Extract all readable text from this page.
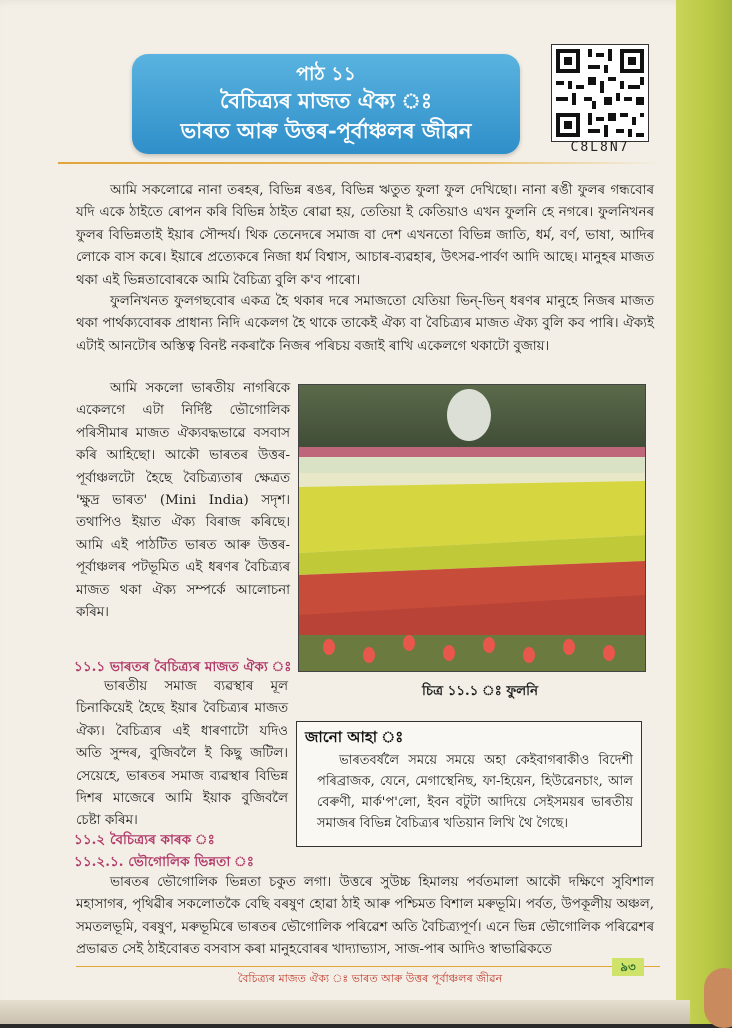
পাঠ ১১
বৈচিত্র্যৰ মাজত ঐক্য ঃ
ভাৰত আৰু উত্তৰ-পূৰ্বাঞ্চলৰ জীৱন
C8L8N7

আমি সকলোৱে নানা তৰহৰ, বিভিন্ন ৰঙৰ, বিভিন্ন ঋতুত ফুলা ফুল দেখিছো। নানা ৰঙী ফুলৰ গন্ধবোৰ যদি একে ঠাইতে ৰোপন কৰি বিভিন্ন ঠাইত ৰোৱা হয়, তেতিয়া ই কেতিয়াও এখন ফুলনি হে নগৰে। ফুলনিখনৰ ফুলৰ বিভিন্নতাই ইয়াৰ সৌন্দৰ্য। থিক তেনেদৰে সমাজ বা দেশ এখনতো বিভিন্ন জাতি, ধৰ্ম, বৰ্ণ, ভাষা, আদিৰ লোকে বাস কৰে। ইয়াৰে প্ৰত্যেকৰে নিজা ধৰ্ম বিশ্বাস, আচাৰ-ব্যৱহাৰ, উৎসৱ-পাৰ্বণ আদি আছে। মানুহৰ মাজত থকা এই ভিন্নতাবোৰকে আমি বৈচিত্ৰ্য বুলি ক'ব পাৰো।

ফুলনিখনত ফুলগছবোৰ একত্ৰ হৈ থকাৰ দৰে সমাজতো যেতিয়া ভিন্-ভিন্ ধৰণৰ মানুহে নিজৰ মাজত থকা পাৰ্থক্যবোৰক প্ৰাধান্য নিদি একেলগ হৈ থাকে তাকেই ঐক্য বা বৈচিত্ৰ্যৰ মাজত ঐক্য বুলি কব পাৰি। ঐক্যই এটাই আনটোৰ অস্তিত্ব বিনষ্ট নকৰাকৈ নিজৰ পৰিচয় বজাই ৰাখি একেলগে থকাটো বুজায়।

আমি সকলো ভাৰতীয় নাগৰিকে একেলগে এটা নিৰ্দিষ্ট ভৌগোলিক পৰিসীমাৰ মাজত ঐক্যবদ্ধভাৱে বসবাস কৰি আহিছো। আকৌ ভাৰতৰ উত্তৰ-পূৰ্বাঞ্চলটো হৈছে বৈচিত্ৰ্যতাৰ ক্ষেত্ৰত 'ক্ষুদ্ৰ ভাৰত' (Mini India) সদৃশ। তথাপিও ইয়াত ঐক্য বিৰাজ কৰিছে। আমি এই পাঠটিত ভাৰত আৰু উত্তৰ-পূৰ্বাঞ্চলৰ পটভূমিত এই ধৰণৰ বৈচিত্ৰ্যৰ মাজত থকা ঐক্য সম্পৰ্কে আলোচনা কৰিম।

চিত্ৰ ১১.১ ঃ ফুলনি
১১.১ ভাৰতৰ বৈচিত্ৰ্যৰ মাজত ঐক্য ঃ

ভাৰতীয় সমাজ ব্যৱস্থাৰ মূল চিনাকিয়েই হৈছে ইয়াৰ বৈচিত্ৰ্যৰ মাজত ঐক্য। বৈচিত্ৰ্যৰ এই ধাৰণাটো যদিও অতি সুন্দৰ, বুজিবলৈ ই কিছু জটিল। সেয়েহে, ভাৰতৰ সমাজ ব্যৱস্থাৰ বিভিন্ন দিশৰ মাজেৰে আমি ইয়াক বুজিবলৈ চেষ্টা কৰিম।

জানো আহা ঃ

ভাৰতবৰ্ষলৈ সময়ে সময়ে অহা কেইবাগৰাকীও বিদেশী পৰিব্ৰাজক, যেনে, মেগাস্থেনিছ, ফা-হিয়েন, হিউৱেনচাং, আল বেৰুণী, মাৰ্ক'প'লো, ইবন বটুটা আদিয়ে সেইসময়ৰ ভাৰতীয় সমাজৰ বিভিন্ন বৈচিত্ৰ্যৰ খতিয়ান লিখি থৈ গৈছে।

১১.২ বৈচিত্ৰ্যৰ কাৰক ঃ
১১.২.১. ভৌগোলিক ভিন্নতা ঃ

ভাৰতৰ ভৌগোলিক ভিন্নতা চকুত লগা। উত্তৰে সুউচ্চ হিমালয় পৰ্বতমালা আকৌ দক্ষিণে সুবিশাল মহাসাগৰ, পৃথিৱীৰ সকলোতকৈ বেছি বৰষুণ হোৱা ঠাই আৰু পশ্চিমত বিশাল মৰুভূমি। পৰ্বত, উপকূলীয় অঞ্চল, সমতলভূমি, বৰষুণ, মৰুভূমিৰে ভাৰতৰ ভৌগোলিক পৰিৱেশ অতি বৈচিত্ৰ্যপূৰ্ণ। এনে ভিন্ন ভৌগোলিক পৰিৱেশৰ প্ৰভাৱত সেই ঠাইবোৰত বসবাস কৰা মানুহবোৰৰ খাদ্যাভ্যাস, সাজ-পাৰ আদিও স্বাভাৱিকতে

বৈচিত্ৰ্যৰ মাজত ঐক্য ঃ ভাৰত আৰু উত্তৰ পূৰ্বাঞ্চলৰ জীৱন
৯৩
